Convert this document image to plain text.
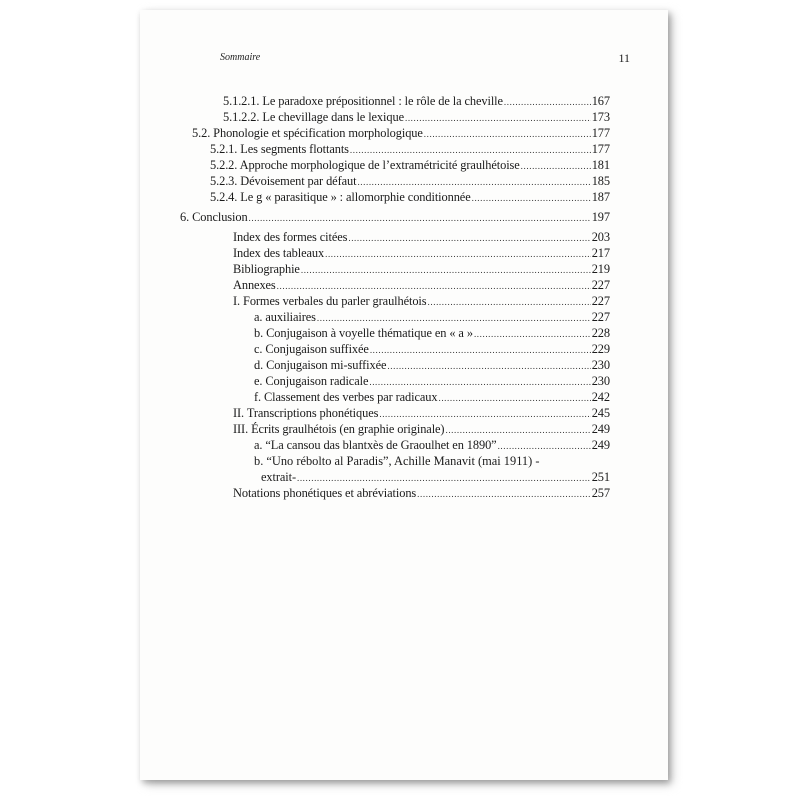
Sommaire	11
5.1.2.1. Le paradoxe prépositionnel : le rôle de la cheville .....	167
5.1.2.2. Le chevillage dans le lexique .....	173
5.2. Phonologie et spécification morphologique .....	177
5.2.1. Les segments flottants .....	177
5.2.2. Approche morphologique de l’extramétricité graulhétoise .....	181
5.2.3. Dévoisement par défaut .....	185
5.2.4. Le g « parasitique » : allomorphie conditionnée .....	187
6. Conclusion .....	197
Index des formes citées .....	203
Index des tableaux .....	217
Bibliographie .....	219
Annexes .....	227
I. Formes verbales du parler graulhétois .....	227
a. auxiliaires .....	227
b. Conjugaison à voyelle thématique en « a » .....	228
c. Conjugaison suffixée .....	229
d. Conjugaison mi-suffixée .....	230
e. Conjugaison radicale .....	230
f. Classement des verbes par radicaux .....	242
II. Transcriptions phonétiques .....	245
III. Écrits graulhétois (en graphie originale) .....	249
a. “La cansou das blantxès de Graoulhet en 1890” .....	249
b. “Uno rébolto al Paradis”, Achille Manavit (mai 1911) -
extrait- .....	251
Notations phonétiques et abréviations .....	257
